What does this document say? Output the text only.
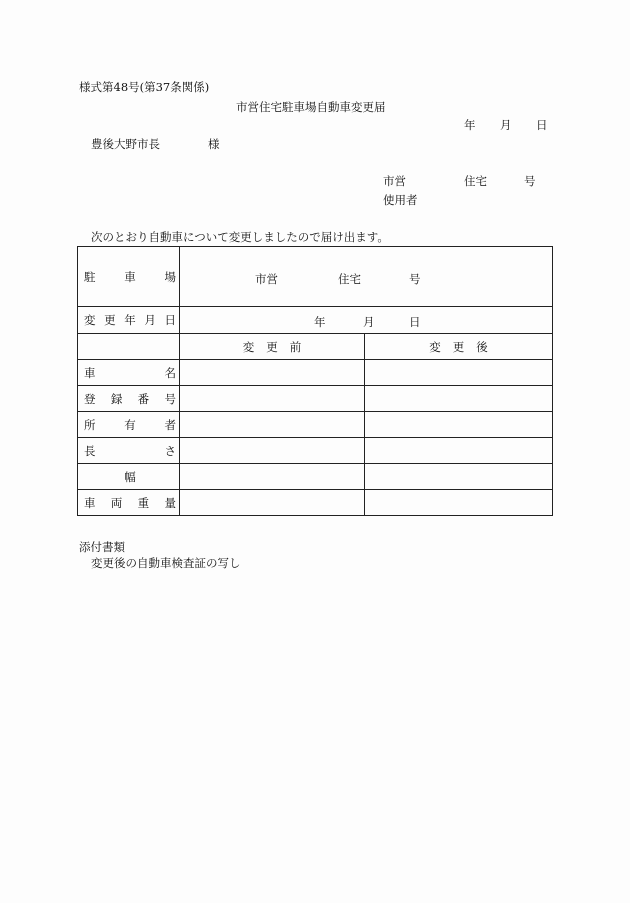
様式第48号(第37条関係)
市営住宅駐車場自動車変更届
年 月 日
豊後大野市長	様
市営	住宅	号
使用者
次のとおり自動車について変更しましたので届け出ます。
駐 車 場	市営 住宅 号	

変 更 年 月 日	年 月 日	

	変 更 前	変 更 後

車 名		

登 録 番 号		

所 有 者		

長 さ		

幅		

車 両 重 量		

添付書類
変更後の自動車検査証の写し
